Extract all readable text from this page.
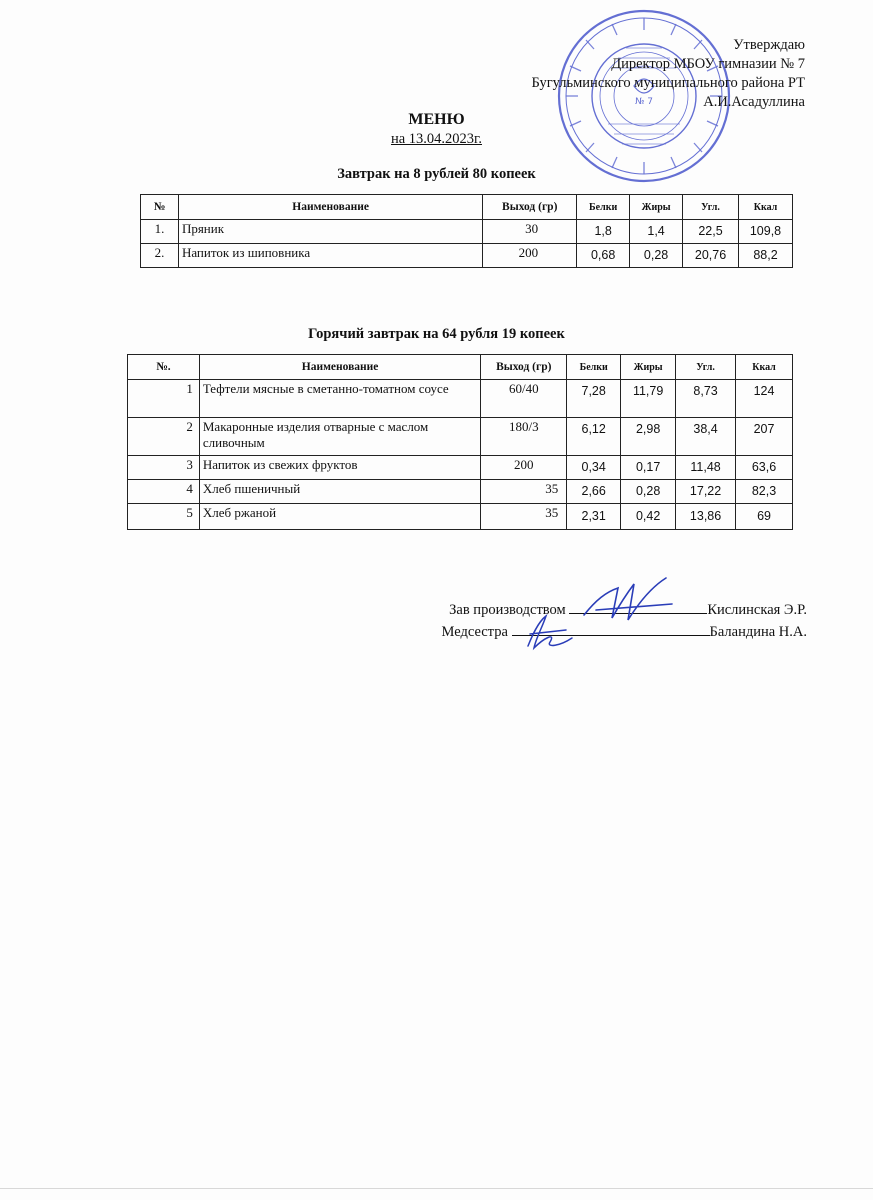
№ 7
Утверждаю
Директор МБОУ гимназии № 7
Бугульминского муниципального района РТ
А.И.Асадуллина
МЕНЮ
на 13.04.2023г.
Завтрак на 8 рублей 80 копеек
№	Наименование	Выход (гр)	Белки	Жиры	Угл.	Ккал
1.	Пряник	30	1,8	1,4	22,5	109,8
2.	Напиток из шиповника	200	0,68	0,28	20,76	88,2
Горячий завтрак на 64 рубля 19 копеек
№.	Наименование	Выход (гр)	Белки	Жиры	Угл.	Ккал
1	Тефтели мясные в сметанно-томатном соусе	60/40	7,28	11,79	8,73	124
2	Макаронные изделия отварные с маслом сливочным	180/3	6,12	2,98	38,4	207
3	Напиток из свежих фруктов	200	0,34	0,17	11,48	63,6
4	Хлеб пшеничный	35	2,66	0,28	17,22	82,3
5	Хлеб ржаной	35	2,31	0,42	13,86	69
Зав производством	Кислинская Э.Р.
Медсестра	Баландина Н.А.
